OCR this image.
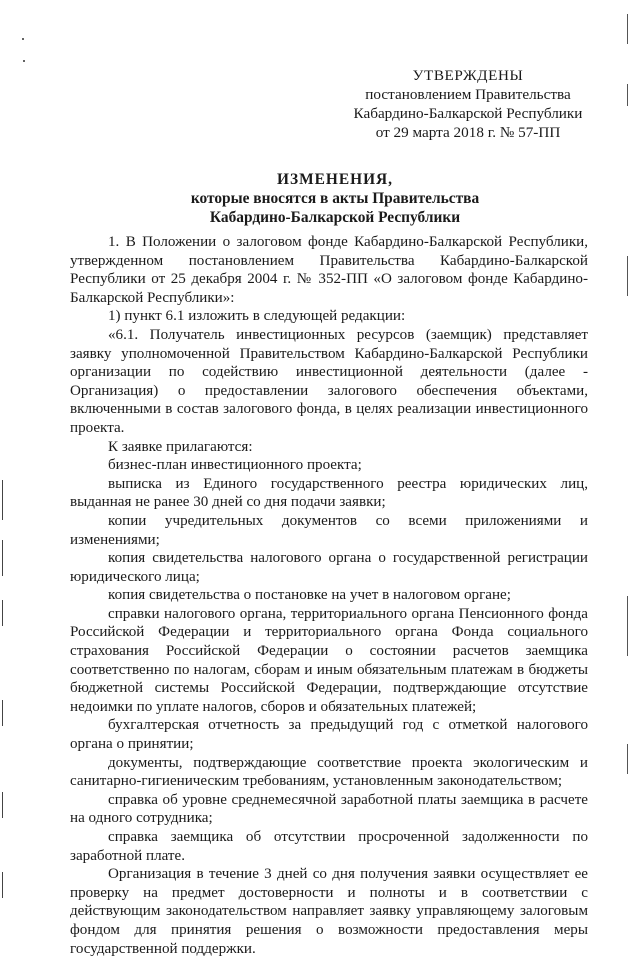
УТВЕРЖДЕНЫ
постановлением Правительства
Кабардино-Балкарской Республики
от 29 марта 2018 г. № 57-ПП
ИЗМЕНЕНИЯ,
которые вносятся в акты Правительства
Кабардино-Балкарской Республики

1. В Положении о залоговом фонде Кабардино-Балкарской Республики, утвержденном постановлением Правительства Кабардино-Балкарской Республики от 25 декабря 2004 г. № 352-ПП «О залоговом фонде Кабардино-Балкарской Республики»:

1) пункт 6.1 изложить в следующей редакции:

«6.1. Получатель инвестиционных ресурсов (заемщик) представляет заявку уполномоченной Правительством Кабардино-Балкарской Республики организации по содействию инвестиционной деятельности (далее - Организация) о предоставлении залогового обеспечения объектами, включенными в состав залогового фонда, в целях реализации инвестиционного проекта.

К заявке прилагаются:

бизнес-план инвестиционного проекта;

выписка из Единого государственного реестра юридических лиц, выданная не ранее 30 дней со дня подачи заявки;

копии учредительных документов со всеми приложениями и изменениями;

копия свидетельства налогового органа о государственной регистрации юридического лица;

копия свидетельства о постановке на учет в налоговом органе;

справки налогового органа, территориального органа Пенсионного фонда Российской Федерации и территориального органа Фонда социального страхования Российской Федерации о состоянии расчетов заемщика соответственно по налогам, сборам и иным обязательным платежам в бюджеты бюджетной системы Российской Федерации, подтверждающие отсутствие недоимки по уплате налогов, сборов и обязательных платежей;

бухгалтерская отчетность за предыдущий год с отметкой налогового органа о принятии;

документы, подтверждающие соответствие проекта экологическим и санитарно-гигиеническим требованиям, установленным законодательством;

справка об уровне среднемесячной заработной платы заемщика в расчете на одного сотрудника;

справка заемщика об отсутствии просроченной задолженности по заработной плате.

Организация в течение 3 дней со дня получения заявки осуществляет ее проверку на предмет достоверности и полноты и в соответствии с действующим законодательством направляет заявку управляющему залоговым фондом для принятия решения о возможности предоставления меры государственной поддержки.
